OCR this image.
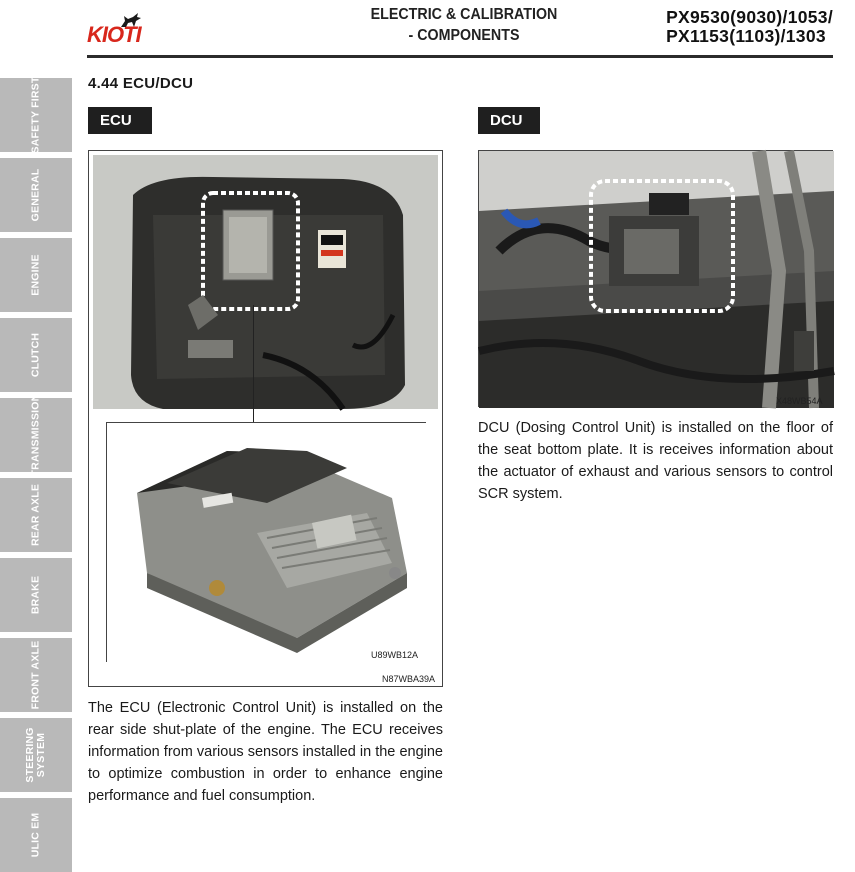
KIOTI
ELECTRIC & CALIBRATION
- COMPONENTS
PX9530(9030)/1053/
PX1153(1103)/1303
SAFETY FIRST
GENERAL
ENGINE
CLUTCH
TRANSMISSION
REAR AXLE
BRAKE
FRONT AXLE
STEERING SYSTEM
ULIC EM
4.44 ECU/DCU
ECU	DCU
U89WB12A
N87WBA39A
X48WB54A

The ECU (Electronic Control Unit) is installed on the rear side shut-plate of the engine. The ECU receives information from various sensors installed in the engine to optimize combustion in order to enhance engine performance and fuel consumption.

DCU (Dosing Control Unit) is installed on the floor of the seat bottom plate. It is receives information about the actuator of exhaust and various sensors to control SCR system.
